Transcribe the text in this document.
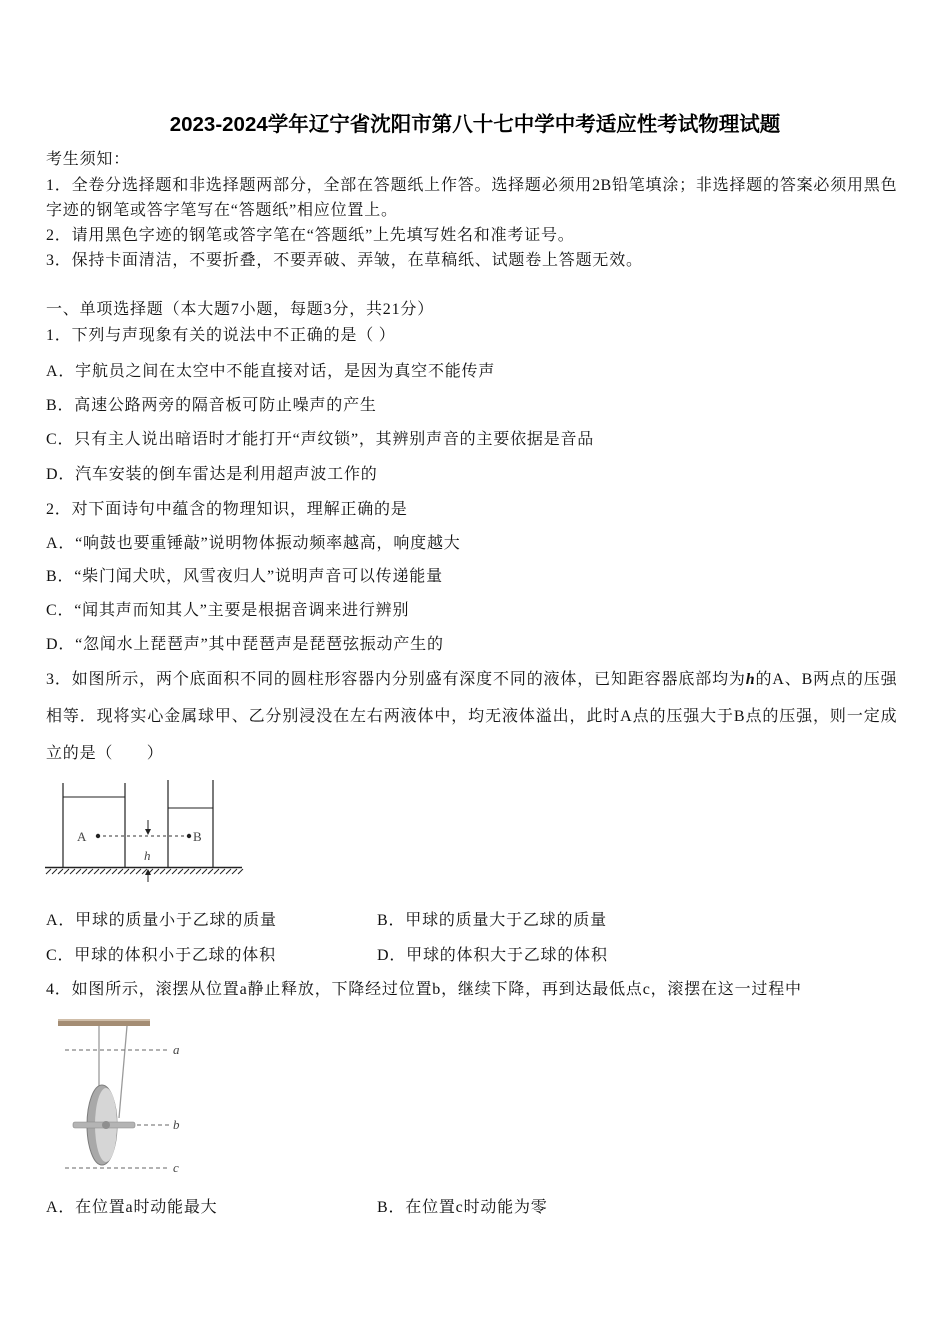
2023-2024学年辽宁省沈阳市第八十七中学中考适应性考试物理试题
考生须知：
1．全卷分选择题和非选择题两部分，全部在答题纸上作答。选择题必须用2B铅笔填涂；非选择题的答案必须用黑色
字迹的钢笔或答字笔写在“答题纸”相应位置上。
2．请用黑色字迹的钢笔或答字笔在“答题纸”上先填写姓名和准考证号。
3．保持卡面清洁，不要折叠，不要弄破、弄皱，在草稿纸、试题卷上答题无效。
一、单项选择题（本大题7小题，每题3分，共21分）
1．下列与声现象有关的说法中不正确的是（ ）
A．宇航员之间在太空中不能直接对话，是因为真空不能传声
B．高速公路两旁的隔音板可防止噪声的产生
C．只有主人说出暗语时才能打开“声纹锁”，其辨别声音的主要依据是音品
D．汽车安装的倒车雷达是利用超声波工作的
2．对下面诗句中蕴含的物理知识，理解正确的是
A．“响鼓也要重锤敲”说明物体振动频率越高，响度越大
B．“柴门闻犬吠，风雪夜归人”说明声音可以传递能量
C．“闻其声而知其人”主要是根据音调来进行辨别
D．“忽闻水上琵琶声”其中琵琶声是琵琶弦振动产生的
3．如图所示，两个底面积不同的圆柱形容器内分别盛有深度不同的液体，已知距容器底部均为h的A、B两点的压强
相等．现将实心金属球甲、乙分别浸没在左右两液体中，均无液体溢出，此时A点的压强大于B点的压强，则一定成
立的是（　　）
A	B
h
A．甲球的质量小于乙球的质量	B．甲球的质量大于乙球的质量
C．甲球的体积小于乙球的体积	D．甲球的体积大于乙球的体积
4．如图所示，滚摆从位置a静止释放，下降经过位置b，继续下降，再到达最低点c，滚摆在这一过程中
a
b
c
A．在位置a时动能最大	B．在位置c时动能为零
